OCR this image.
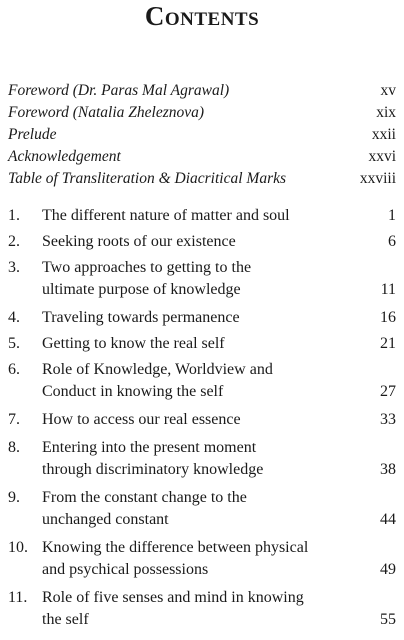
Contents
Foreword (Dr. Paras Mal Agrawal)	xv
Foreword (Natalia Zheleznova)	xix
Prelude	xxii
Acknowledgement	xxvi
Table of Transliteration & Diacritical Marks	xxviii
1.	The different nature of matter and soul	1
2.	Seeking roots of our existence	6
3.	Two approaches to getting to the
ultimate purpose of knowledge	11
4.	Traveling towards permanence	16
5.	Getting to know the real self	21
6.	Role of Knowledge, Worldview and
Conduct in knowing the self	27
7.	How to access our real essence	33
8.	Entering into the present moment
through discriminatory knowledge	38
9.	From the constant change to the
unchanged constant	44
10. Knowing the difference between physical
and psychical possessions	49
11. Role of five senses and mind in knowing
the self	55
